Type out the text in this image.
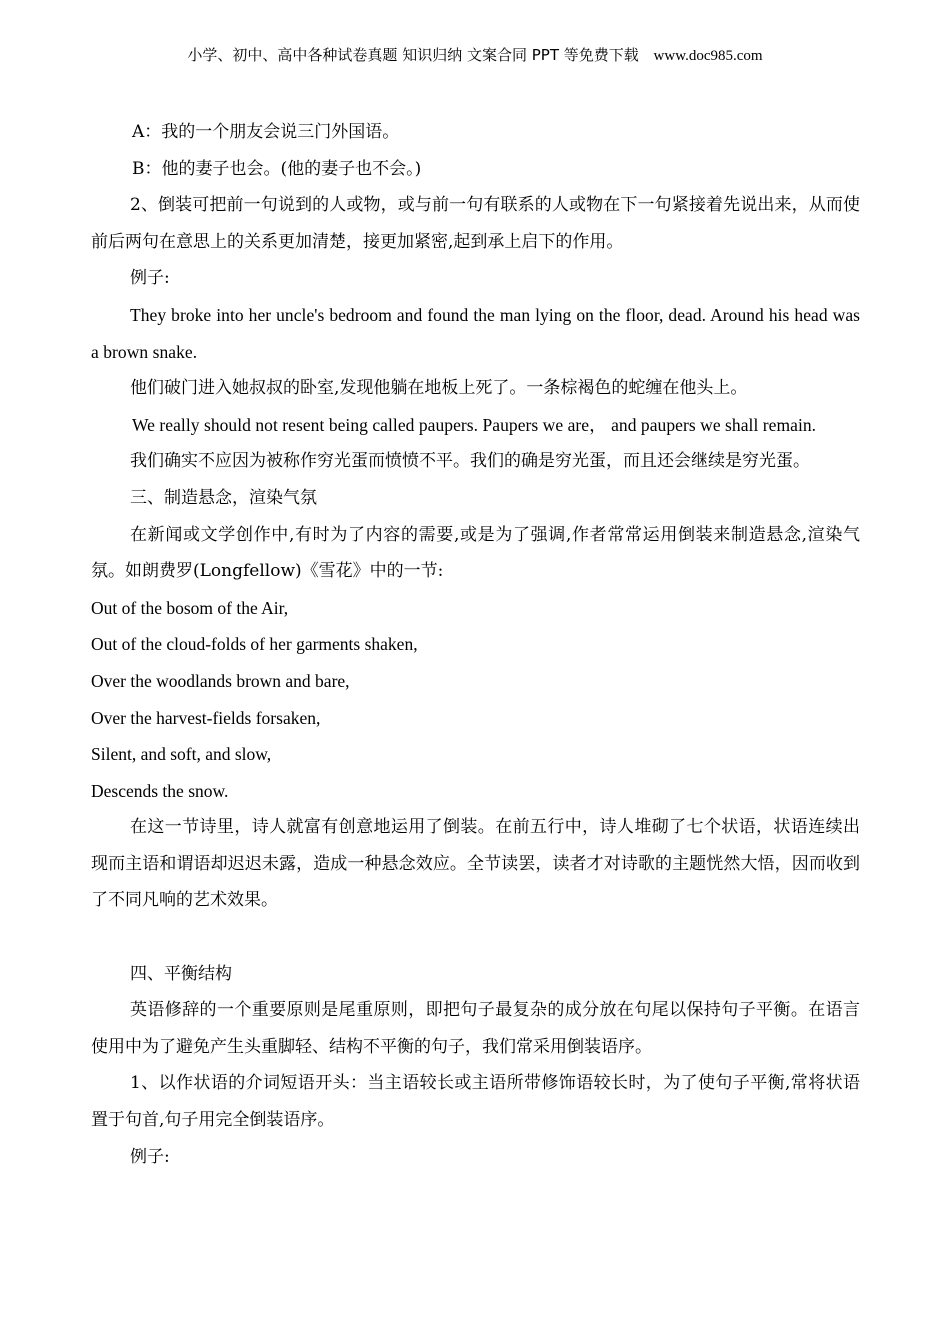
小学、初中、高中各种试卷真题 知识归纳 文案合同 PPT 等免费下载 www.doc985.com

A：我的一个朋友会说三门外国语。

B：他的妻子也会。(他的妻子也不会。)

2、倒装可把前一句说到的人或物，或与前一句有联系的人或物在下一句紧接着先说出来，从而使前后两句在意思上的关系更加清楚，接更加紧密,起到承上启下的作用。

例子:

They broke into her uncle's bedroom and found the man lying on the floor, dead. Around his head was a brown snake.

他们破门进入她叔叔的卧室,发现他躺在地板上死了。一条棕褐色的蛇缠在他头上。

We really should not resent being called paupers. Paupers we are， and paupers we shall remain.

我们确实不应因为被称作穷光蛋而愤愤不平。我们的确是穷光蛋，而且还会继续是穷光蛋。

三、制造悬念，渲染气氛

在新闻或文学创作中,有时为了内容的需要,或是为了强调,作者常常运用倒装来制造悬念,渲染气氛。如朗费罗(Longfellow)《雪花》中的一节:

Out of the bosom of the Air,

Out of the cloud-folds of her garments shaken,

Over the woodlands brown and bare,

Over the harvest-fields forsaken,

Silent, and soft, and slow,

Descends the snow.

在这一节诗里，诗人就富有创意地运用了倒装。在前五行中，诗人堆砌了七个状语，状语连续出现而主语和谓语却迟迟未露，造成一种悬念效应。全节读罢，读者才对诗歌的主题恍然大悟，因而收到了不同凡响的艺术效果。

四、平衡结构

英语修辞的一个重要原则是尾重原则，即把句子最复杂的成分放在句尾以保持句子平衡。在语言使用中为了避免产生头重脚轻、结构不平衡的句子，我们常采用倒装语序。

1、以作状语的介词短语开头：当主语较长或主语所带修饰语较长时，为了使句子平衡,常将状语置于句首,句子用完全倒装语序。

例子:
